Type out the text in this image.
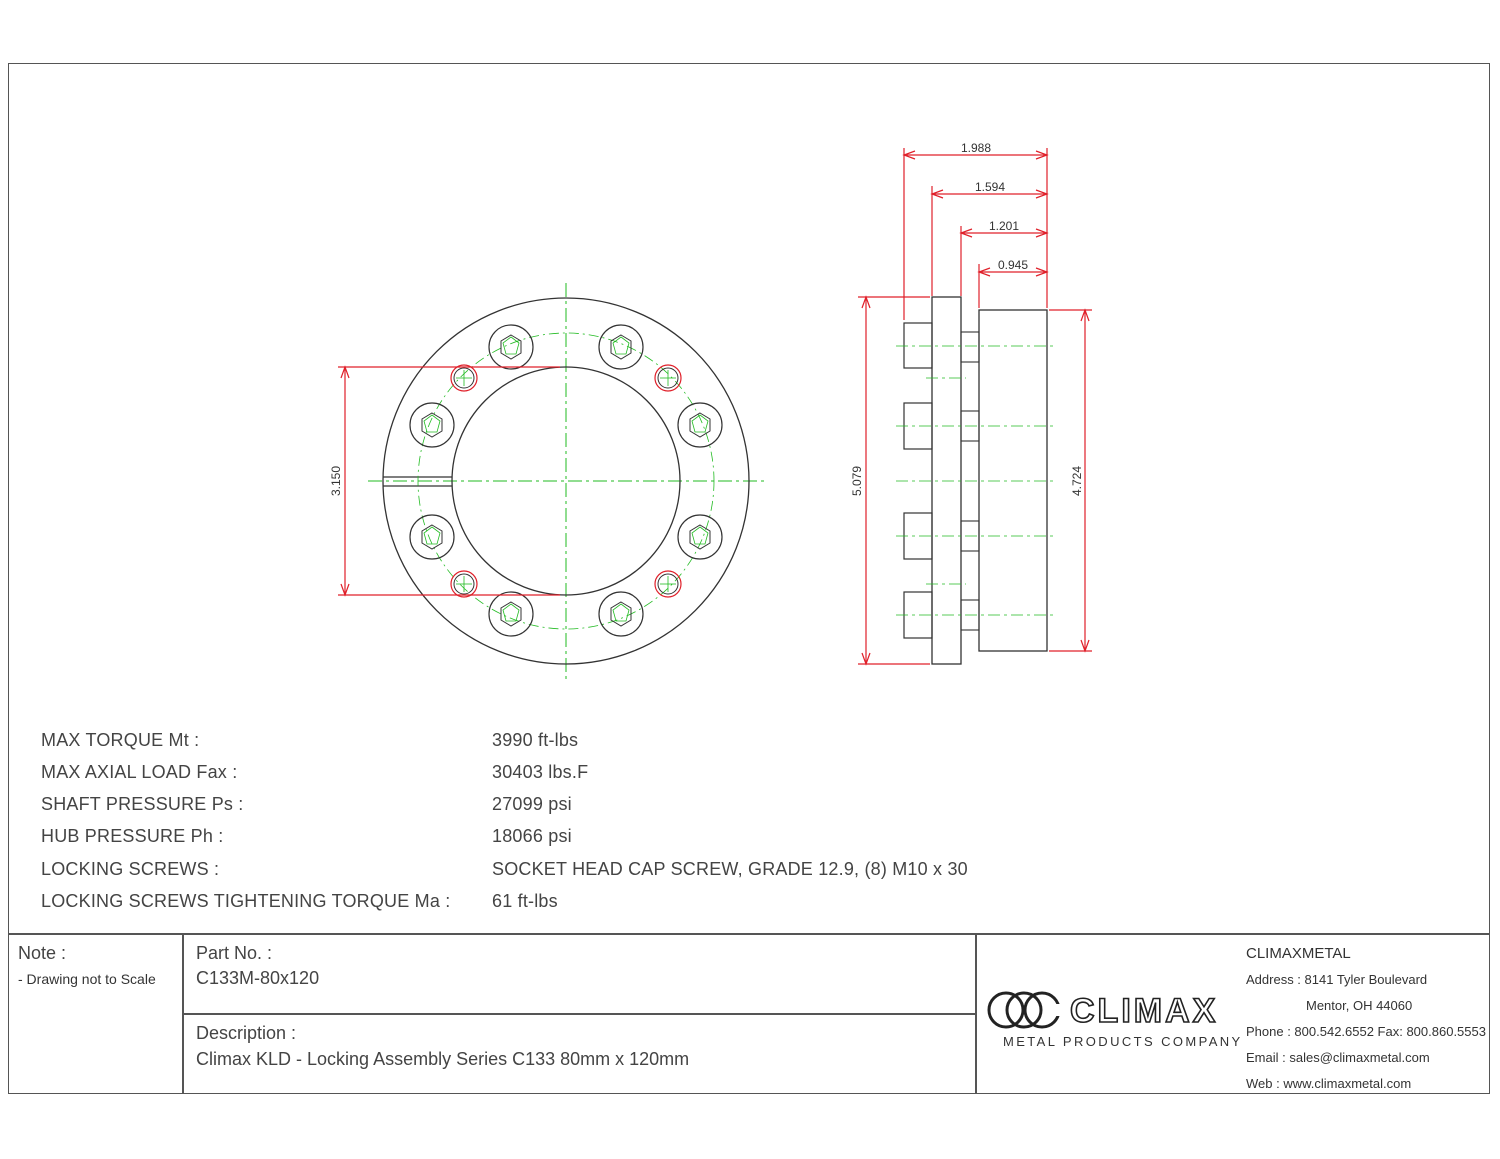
3.150
1.988
1.594
1.201
0.945
5.079	4.724
MAX TORQUE Mt :	3990 ft-lbs
MAX AXIAL LOAD Fax :	30403 lbs.F
SHAFT PRESSURE Ps :	27099 psi
HUB PRESSURE Ph :	18066 psi
LOCKING SCREWS :	SOCKET HEAD CAP SCREW, GRADE 12.9, (8) M10 x 30
LOCKING SCREWS TIGHTENING TORQUE Ma : 61 ft-lbs
Note :
- Drawing not to Scale
Part No. :
C133M-80x120
Description :
Climax KLD - Locking Assembly Series C133 80mm x 120mm
CLIMAX
METAL PRODUCTS COMPANY
CLIMAXMETAL
Address : 8141 Tyler Boulevard
Mentor, OH 44060
Phone : 800.542.6552 Fax: 800.860.5553
Email : sales@climaxmetal.com
Web : www.climaxmetal.com
